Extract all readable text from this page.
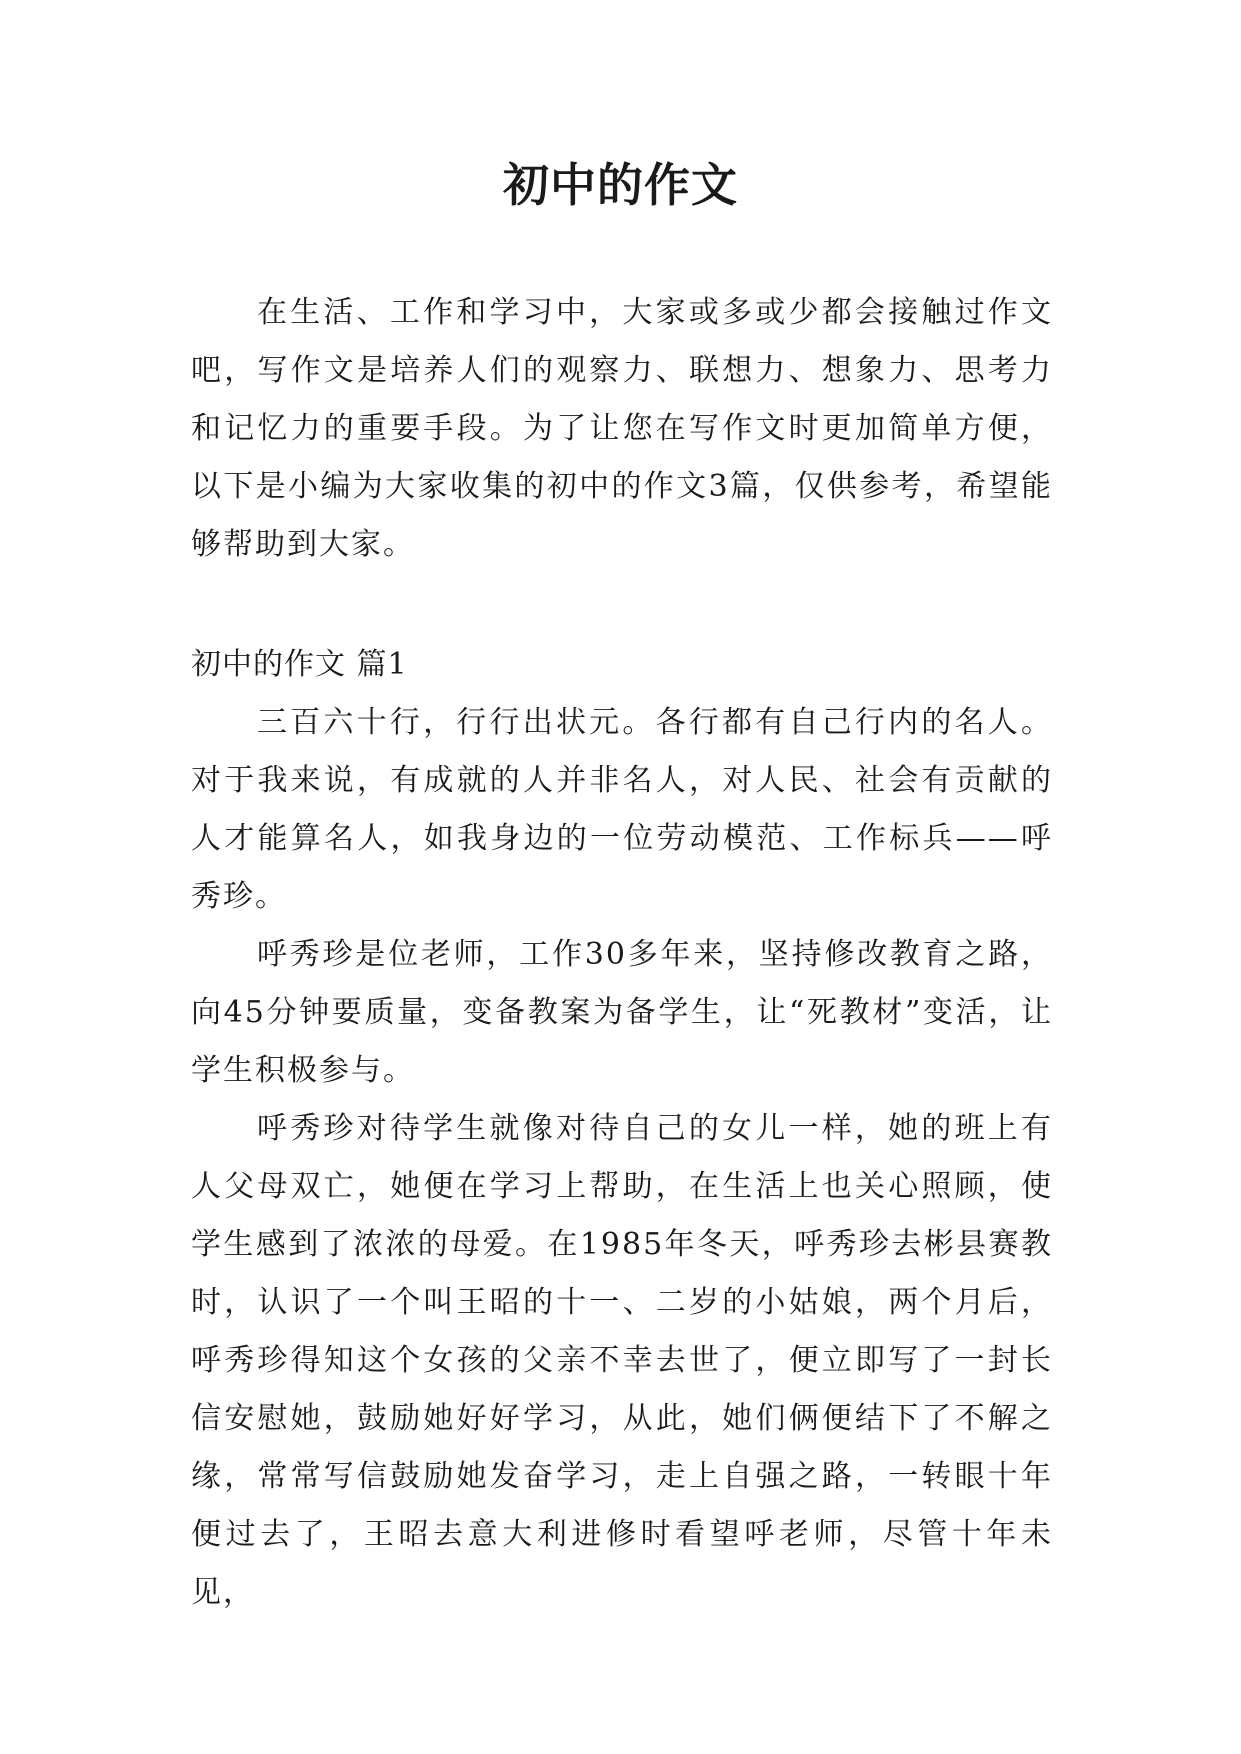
初中的作文

在生活、工作和学习中，大家或多或少都会接触过作文吧，写作文是培养人们的观察力、联想力、想象力、思考力和记忆力的重要手段。为了让您在写作文时更加简单方便，以下是小编为大家收集的初中的作文3篇，仅供参考，希望能够帮助到大家。

初中的作文 篇1

三百六十行，行行出状元。各行都有自己行内的名人。对于我来说，有成就的人并非名人，对人民、社会有贡献的人才能算名人，如我身边的一位劳动模范、工作标兵——呼秀珍。

呼秀珍是位老师，工作30多年来，坚持修改教育之路，向45分钟要质量，变备教案为备学生，让“死教材”变活，让学生积极参与。

呼秀珍对待学生就像对待自己的女儿一样，她的班上有人父母双亡，她便在学习上帮助，在生活上也关心照顾，使学生感到了浓浓的母爱。在1985年冬天，呼秀珍去彬县赛教时，认识了一个叫王昭的十一、二岁的小姑娘，两个月后，呼秀珍得知这个女孩的父亲不幸去世了，便立即写了一封长信安慰她，鼓励她好好学习，从此，她们俩便结下了不解之缘，常常写信鼓励她发奋学习，走上自强之路，一转眼十年便过去了，王昭去意大利进修时看望呼老师，尽管十年未见，
